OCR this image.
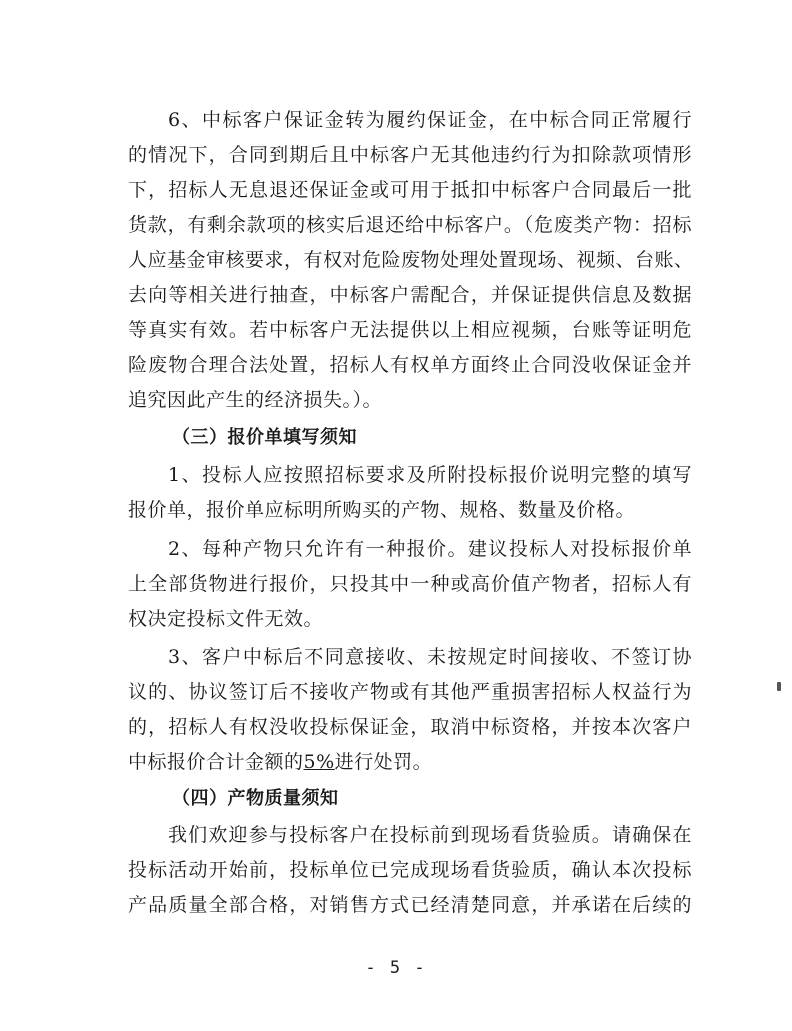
6、中标客户保证金转为履约保证金，在中标合同正常履行
的情况下，合同到期后且中标客户无其他违约行为扣除款项情形
下，招标人无息退还保证金或可用于抵扣中标客户合同最后一批
货款，有剩余款项的核实后退还给中标客户。（危废类产物：招标
人应基金审核要求，有权对危险废物处理处置现场、视频、台账、
去向等相关进行抽查，中标客户需配合，并保证提供信息及数据
等真实有效。若中标客户无法提供以上相应视频，台账等证明危
险废物合理合法处置，招标人有权单方面终止合同没收保证金并
追究因此产生的经济损失。）。
（三）报价单填写须知
1、投标人应按照招标要求及所附投标报价说明完整的填写
报价单，报价单应标明所购买的产物、规格、数量及价格。
2、每种产物只允许有一种报价。建议投标人对投标报价单
上全部货物进行报价，只投其中一种或高价值产物者，招标人有
权决定投标文件无效。
3、客户中标后不同意接收、未按规定时间接收、不签订协
议的、协议签订后不接收产物或有其他严重损害招标人权益行为
的，招标人有权没收投标保证金，取消中标资格，并按本次客户
中标报价合计金额的5%进行处罚。
（四）产物质量须知
我们欢迎参与投标客户在投标前到现场看货验质。请确保在
投标活动开始前，投标单位已完成现场看货验质，确认本次投标
产品质量全部合格，对销售方式已经清楚同意，并承诺在后续的
- 5 -
